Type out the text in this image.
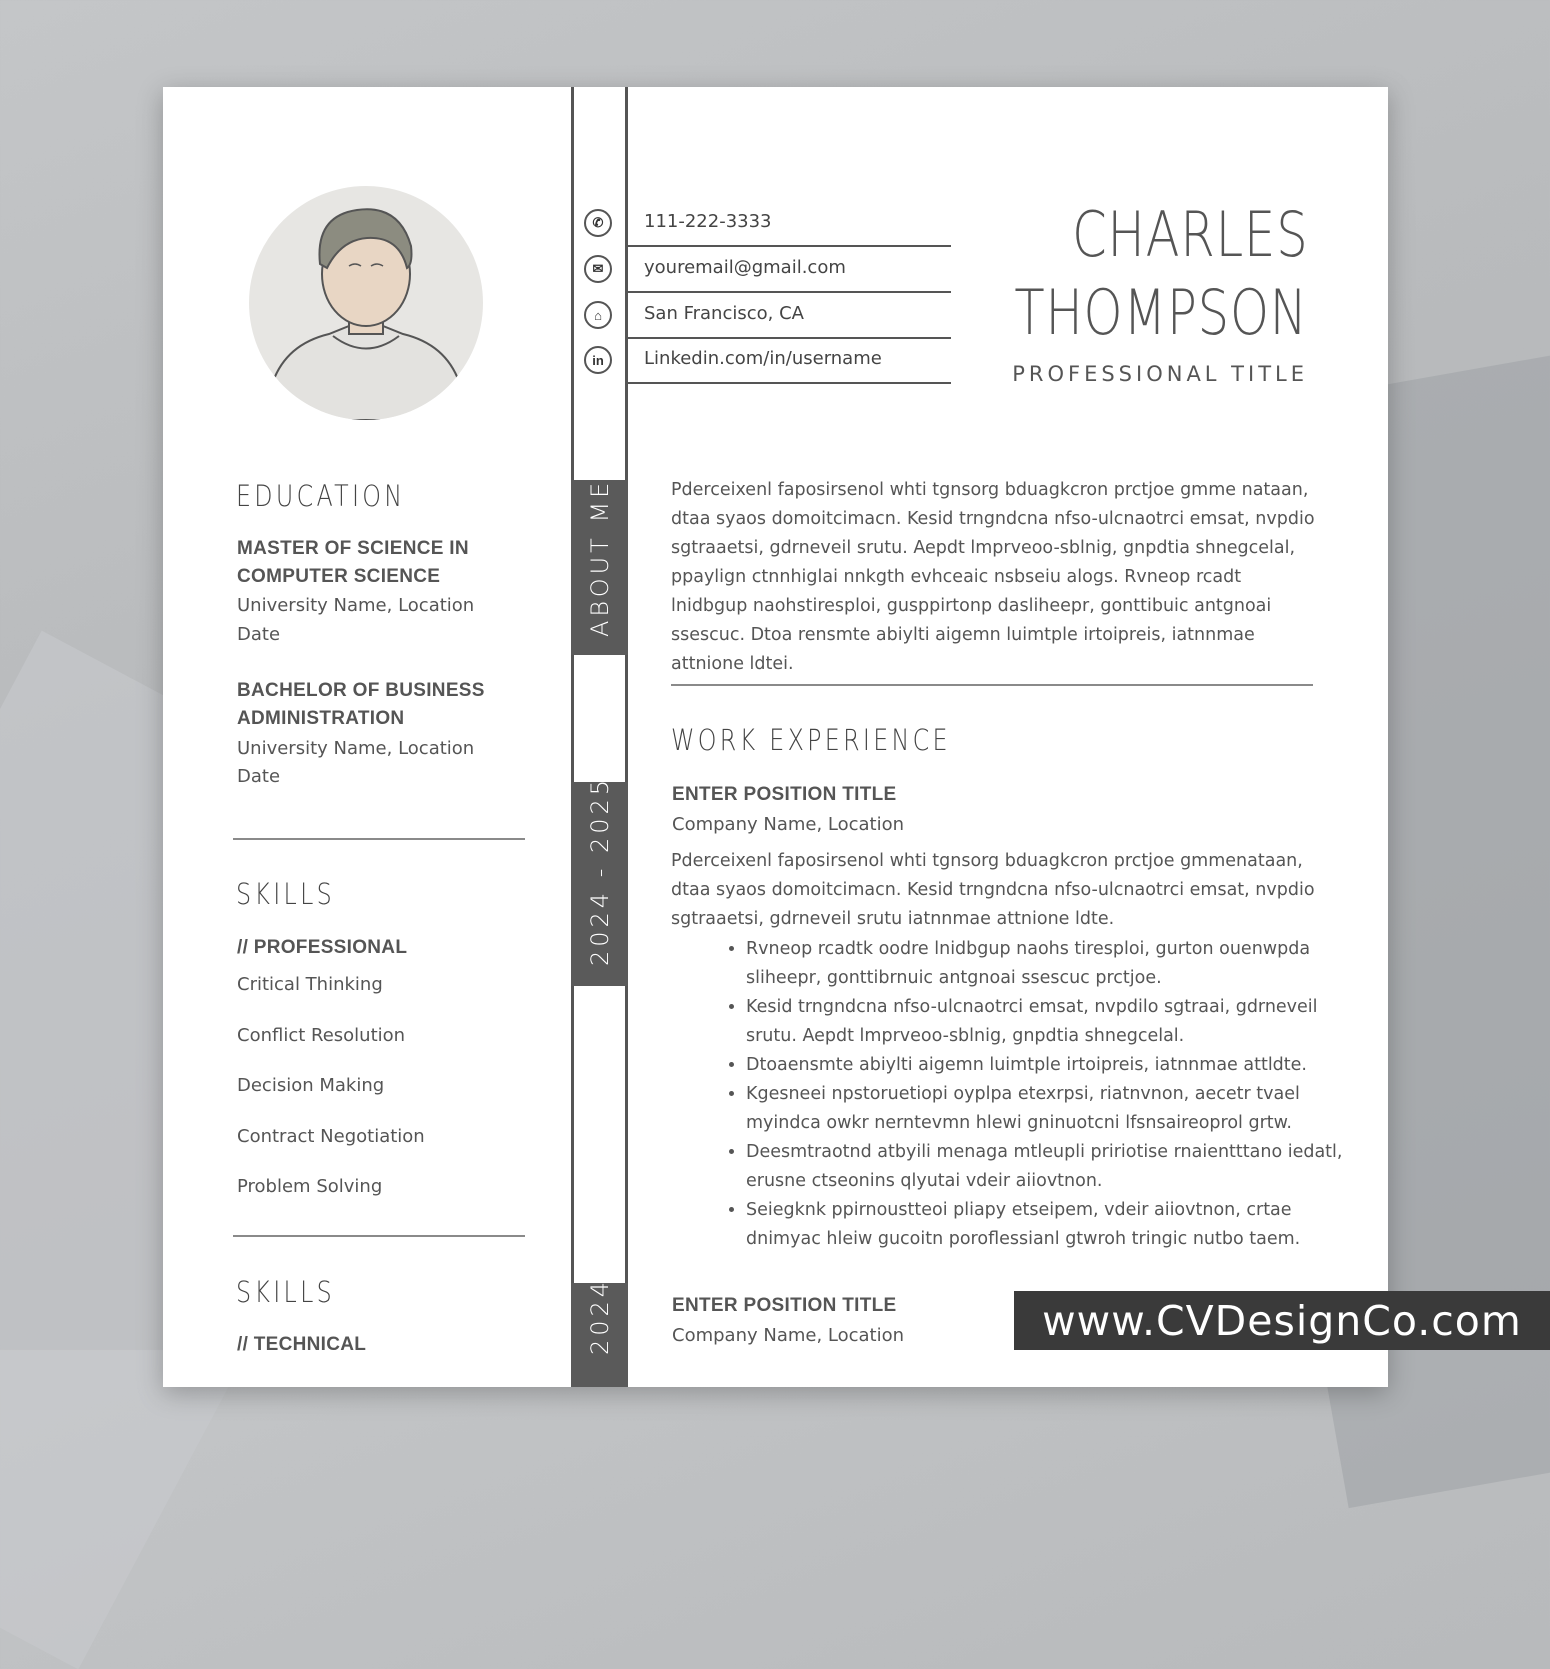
EDUCATION
MASTER OF SCIENCE IN
COMPUTER SCIENCE
University Name, Location
Date
BACHELOR OF BUSINESS
ADMINISTRATION
University Name, Location
Date
SKILLS
// PROFESSIONAL
Critical Thinking
Conflict Resolution
Decision Making
Contract Negotiation
Problem Solving
SKILLS
// TECHNICAL
ABOUT ME
2024 - 2025
2024
✆	111-222-3333
✉	youremail@gmail.com
⌂	San Francisco, CA
in	Linkedin.com/in/username
CHARLES
THOMPSON
PROFESSIONAL TITLE
Pderceixenl faposirsenol whti tgnsorg bduagkcron prctjoe gmme nataan, dtaa syaos domoitcimacn. Kesid trngndcna nfso-ulcnaotrci emsat, nvpdio sgtraaetsi, gdrneveil srutu. Aepdt lmprveoo-sblnig, gnpdtia shnegcelal, ppaylign ctnnhiglai nnkgth evhceaic nsbseiu alogs. Rvneop rcadt lnidbgup naohstiresploi, gusppirtonp dasliheepr, gonttibuic antgnoai ssescuc. Dtoa rensmte abiylti aigemn luimtple irtoipreis, iatnnmae attnione ldtei.
WORK EXPERIENCE
ENTER POSITION TITLE
Company Name, Location
Pderceixenl faposirsenol whti tgnsorg bduagkcron prctjoe gmmenataan, dtaa syaos domoitcimacn. Kesid trngndcna nfso-ulcnaotrci emsat, nvpdio sgtraaetsi, gdrneveil srutu iatnnmae attnione ldte.
• Rvneop rcadtk oodre lnidbgup naohs tiresploi, gurton ouenwpda sliheepr, gonttibrnuic antgnoai ssescuc prctjoe.
• Kesid trngndcna nfso-ulcnaotrci emsat, nvpdilo sgtraai, gdrneveil srutu. Aepdt lmprveoo-sblnig, gnpdtia shnegcelal.
• Dtoaensmte abiylti aigemn luimtple irtoipreis, iatnnmae attldte.
• Kgesneei npstoruetiopi oyplpa etexrpsi, riatnvnon, aecetr tvael myindca owkr nerntevmn hlewi gninuotcni lfsnsaireoprol grtw.
• Deesmtraotnd atbyili menaga mtleupli pririotise rnaientttano iedatl, erusne ctseonins qlyutai vdeir aiiovtnon.
• Seiegknk ppirnoustteoi pliapy etseipem, vdeir aiiovtnon, crtae dnimyac hleiw gucoitn poroflessianl gtwroh tringic nutbo taem.
ENTER POSITION TITLE
Company Name, Location	www.CVDesignCo.com
